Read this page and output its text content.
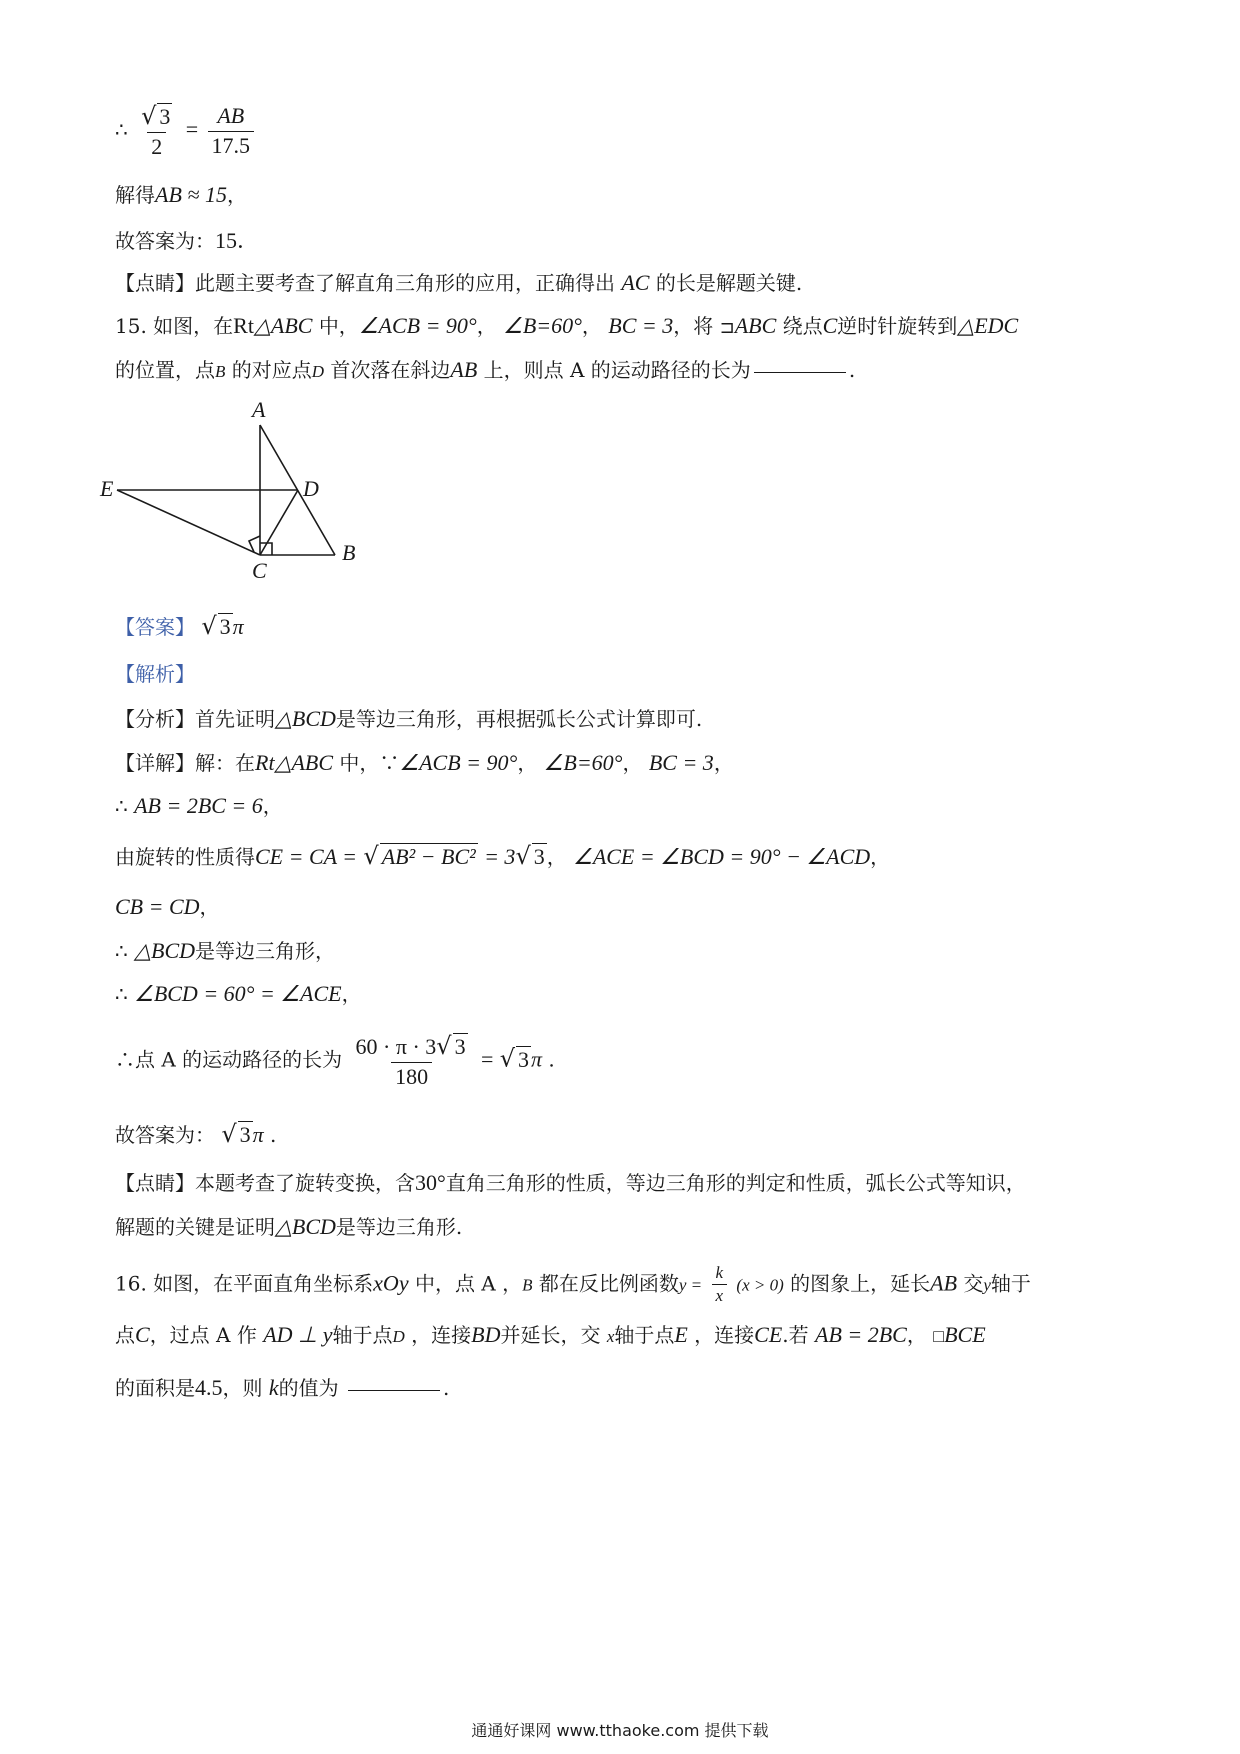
∴ $\frac{√ 3}{2} = \frac{AB}{17.5}$
解得AB ≈ 15，
故答案为：15．
【点睛】此题主要考查了解直角三角形的应用，正确得出 AC 的长是解题关键.
15. 如图，在Rt△ABC 中，∠ACB = 90°， ∠B=60°， BC = 3，将 ⊐ABC 绕点C逆时针旋转到△EDC
的位置，点B 的对应点D 首次落在斜边AB 上，则点 A 的运动路径的长为	.
A
E	D
C
B
【答案】 √ 3π
【解析】
【分析】首先证明△BCD是等边三角形，再根据弧长公式计算即可.
【详解】解：在Rt△ABC 中，∵∠ACB = 90°， ∠B=60°， BC = 3，
∴ AB = 2BC = 6，
由旋转的性质得CE = CA = √ AB² − BC² = 3√ 3 ， ∠ACE = ∠BCD = 90° − ∠ACD，
CB = CD，
∴ △BCD是等边三角形，
∴ ∠BCD = 60° = ∠ACE，
∴点 A 的运动路径的长为 $\frac{60 \cdot \pi \cdot 3√ 3}{180}$ = √ 3π .
故答案为： √ 3π .
【点睛】本题考查了旋转变换，含30°直角三角形的性质，等边三角形的判定和性质，弧长公式等知识，
解题的关键是证明△BCD是等边三角形.
16. 如图，在平面直角坐标系xOy 中，点 A ，B 都在反比例函数$y = \frac{k}{x} (x > 0)$ 的图象上，延长AB 交y轴于
点C，过点 A 作 AD ⊥ y轴于点D ，连接BD并延长，交 x轴于点E ，连接CE.若 AB = 2BC， □BCE
的面积是4.5，则 k的值为	.
通通好课网 www.tthaoke.com 提供下载
